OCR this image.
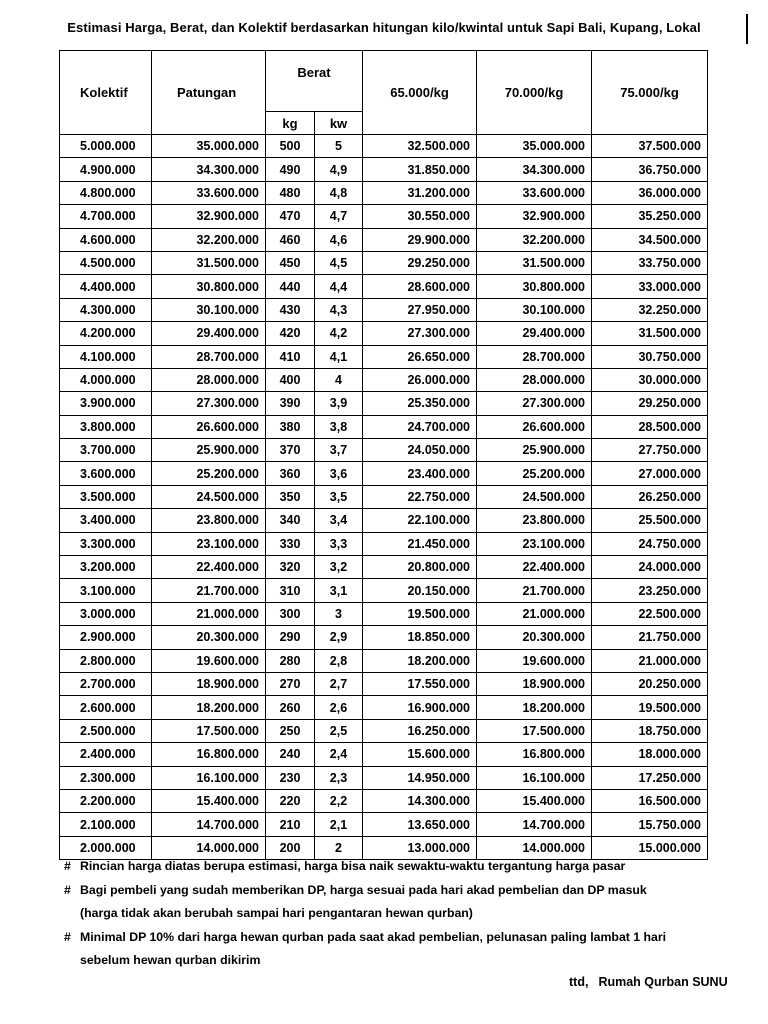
Estimasi Harga, Berat, dan Kolektif berdasarkan hitungan kilo/kwintal untuk Sapi Bali, Kupang, Lokal
Kolektif	Patungan	Berat		65.000/kg	70.000/kg	75.000/kg
		kg	kw			
5.000.000	35.000.000	500	5	32.500.000	35.000.000	37.500.000
4.900.000	34.300.000	490	4,9	31.850.000	34.300.000	36.750.000
4.800.000	33.600.000	480	4,8	31.200.000	33.600.000	36.000.000
4.700.000	32.900.000	470	4,7	30.550.000	32.900.000	35.250.000
4.600.000	32.200.000	460	4,6	29.900.000	32.200.000	34.500.000
4.500.000	31.500.000	450	4,5	29.250.000	31.500.000	33.750.000
4.400.000	30.800.000	440	4,4	28.600.000	30.800.000	33.000.000
4.300.000	30.100.000	430	4,3	27.950.000	30.100.000	32.250.000
4.200.000	29.400.000	420	4,2	27.300.000	29.400.000	31.500.000
4.100.000	28.700.000	410	4,1	26.650.000	28.700.000	30.750.000
4.000.000	28.000.000	400	4	26.000.000	28.000.000	30.000.000
3.900.000	27.300.000	390	3,9	25.350.000	27.300.000	29.250.000
3.800.000	26.600.000	380	3,8	24.700.000	26.600.000	28.500.000
3.700.000	25.900.000	370	3,7	24.050.000	25.900.000	27.750.000
3.600.000	25.200.000	360	3,6	23.400.000	25.200.000	27.000.000
3.500.000	24.500.000	350	3,5	22.750.000	24.500.000	26.250.000
3.400.000	23.800.000	340	3,4	22.100.000	23.800.000	25.500.000
3.300.000	23.100.000	330	3,3	21.450.000	23.100.000	24.750.000
3.200.000	22.400.000	320	3,2	20.800.000	22.400.000	24.000.000
3.100.000	21.700.000	310	3,1	20.150.000	21.700.000	23.250.000
3.000.000	21.000.000	300	3	19.500.000	21.000.000	22.500.000
2.900.000	20.300.000	290	2,9	18.850.000	20.300.000	21.750.000
2.800.000	19.600.000	280	2,8	18.200.000	19.600.000	21.000.000
2.700.000	18.900.000	270	2,7	17.550.000	18.900.000	20.250.000
2.600.000	18.200.000	260	2,6	16.900.000	18.200.000	19.500.000
2.500.000	17.500.000	250	2,5	16.250.000	17.500.000	18.750.000
2.400.000	16.800.000	240	2,4	15.600.000	16.800.000	18.000.000
2.300.000	16.100.000	230	2,3	14.950.000	16.100.000	17.250.000
2.200.000	15.400.000	220	2,2	14.300.000	15.400.000	16.500.000
2.100.000	14.700.000	210	2,1	13.650.000	14.700.000	15.750.000
2.000.000	14.000.000	200	2	13.000.000	14.000.000	15.000.000
# Rincian harga diatas berupa estimasi, harga bisa naik sewaktu-waktu tergantung harga pasar
# Bagi pembeli yang sudah memberikan DP, harga sesuai pada hari akad pembelian dan DP masuk
(harga tidak akan berubah sampai hari pengantaran hewan qurban)
# Minimal DP 10% dari harga hewan qurban pada saat akad pembelian, pelunasan paling lambat 1 hari
sebelum hewan qurban dikirim
ttd, Rumah Qurban SUNU
